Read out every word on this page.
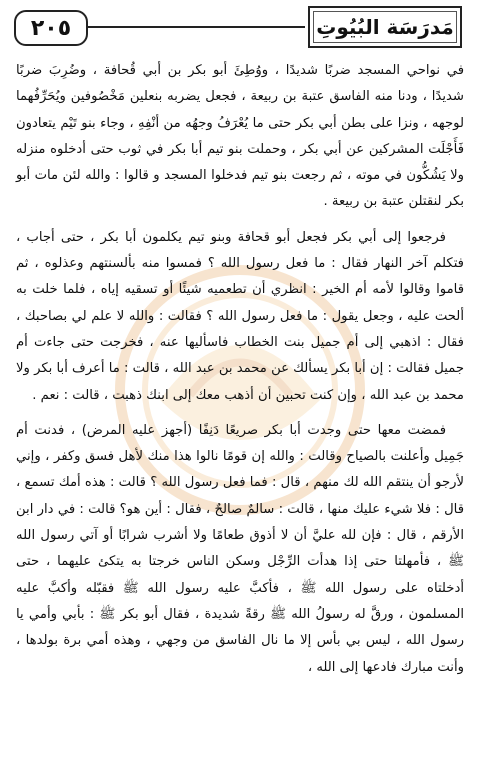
٢٠٥	مَدرَسَة البُيُوتِ

في نواحي المسجد ضربًا شديدًا ، ووُطِئَ أبو بكر بن أبي قُحافة ، وضُرِبَ ضربًا شديدًا ، ودنا منه الفاسق عتبة بن ربيعة ، فجعل يضربه بنعلين مَخْصُوفين ويُحَرِّفُهما لوجهه ، ونزا على بطن أبي بكر حتى ما يُعْرَفُ وجهُه من أنْفِهِ ، وجاء بنو تَيْم يتعادون فَأَجْلَت المشركين عن أبي بكر ، وحملت بنو تيم أبا بكر في ثوب حتى أدخلوه منزله ولا يَشُكُّون في موته ، ثم رجعت بنو تيم فدخلوا المسجد و قالوا : والله لئن مات أبو بكر لنقتلن عتبة بن ربيعة .

فرجعوا إلى أبي بكر فجعل أبو قحافة وبنو تيم يكلمون أبا بكر ، حتى أجاب ، فتكلم آخر النهار فقال : ما فعل رسول الله ؟ فمسوا منه بألسنتهم وعذلوه ، ثم قاموا وقالوا لأمه أم الخير : انظري أن تطعميه شيئًا أو تسقيه إياه ، فلما خلت به ألحت عليه ، وجعل يقول : ما فعل رسول الله ؟ فقالت : والله لا علم لي بصاحبك ، فقال : اذهبي إلى أم جميل بنت الخطاب فاسأليها عنه ، فخرجت حتى جاءت أم جميل فقالت : إن أبا بكر يسألك عن محمد بن عبد الله ، قالت : ما أعرف أبا بكر ولا محمد بن عبد الله ، وإن كنت تحبين أن أذهب معك إلى ابنك ذهبت ، قالت : نعم .

فمضت معها حتى وجدت أبا بكر صريعًا دَنِفًا (أجهز عليه المرض) ، فدنت أم جَمِيل وأعلنت بالصياح وقالت : والله إن قومًا نالوا هذا منك لأهل فسق وكفر ، وإني لأرجو أن ينتقم الله لك منهم ، قال : فما فعل رسول الله ؟ قالت : هذه أمك تسمع ، قال : فلا شيء عليك منها ، قالت : سالمٌ صالحٌ ، فقال : أين هو؟ قالت : في دار ابن الأرقم ، قال : فإن لله عليَّ أن لا أذوق طعامًا ولا أشرب شرابًا أو آتي رسول الله ﷺ ، فأمهلتا حتى إذا هدأت الرِّجْل وسكن الناس خرجتا به يتكئ عليهما ، حتى أدخلتاه على رسول الله ﷺ ، فأكبَّ عليه رسول الله ﷺ فقبّله وأكبَّ عليه المسلمون ، ورقَّ له رسولُ الله ﷺ رقةً شديدة ، فقال أبو بكر ﷺ : بأبي وأمي يا رسول الله ، ليس بي بأس إلا ما نال الفاسق من وجهي ، وهذه أمي برة بولدها ، وأنت مبارك فادعها إلى الله ،
